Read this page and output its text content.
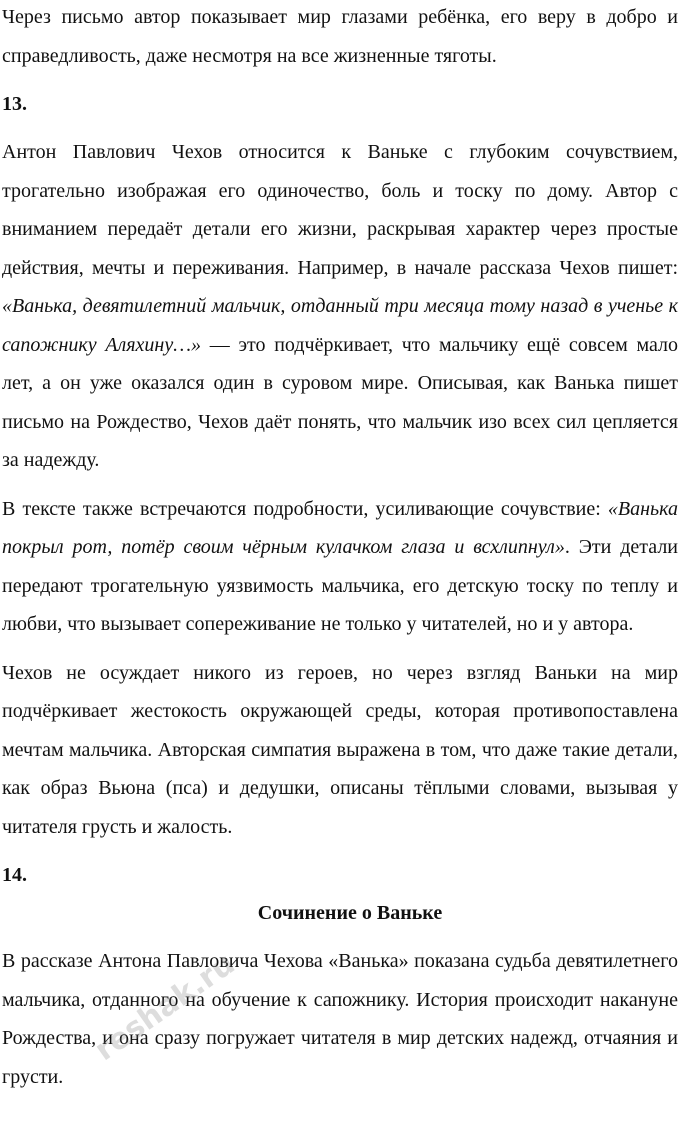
Через письмо автор показывает мир глазами ребёнка, его веру в добро и справедливость, даже несмотря на все жизненные тяготы.

13.

Антон Павлович Чехов относится к Ваньке с глубоким сочувствием, трогательно изображая его одиночество, боль и тоску по дому. Автор с вниманием передаёт детали его жизни, раскрывая характер через простые действия, мечты и переживания. Например, в начале рассказа Чехов пишет: «Ванька, девятилетний мальчик, отданный три месяца тому назад в ученье к сапожнику Аляхину…» — это подчёркивает, что мальчику ещё совсем мало лет, а он уже оказался один в суровом мире. Описывая, как Ванька пишет письмо на Рождество, Чехов даёт понять, что мальчик изо всех сил цепляется за надежду.

В тексте также встречаются подробности, усиливающие сочувствие: «Ванька покрыл рот, потёр своим чёрным кулачком глаза и всхлипнул». Эти детали передают трогательную уязвимость мальчика, его детскую тоску по теплу и любви, что вызывает сопереживание не только у читателей, но и у автора.

Чехов не осуждает никого из героев, но через взгляд Ваньки на мир подчёркивает жестокость окружающей среды, которая противопоставлена мечтам мальчика. Авторская симпатия выражена в том, что даже такие детали, как образ Вьюна (пса) и дедушки, описаны тёплыми словами, вызывая у читателя грусть и жалость.

14.

Сочинение о Ваньке

В рассказе Антона Павловича Чехова «Ванька» показана судьба девятилетнего мальчика, отданного на обучение к сапожнику. История происходит накануне Рождества, и она сразу погружает читателя в мир детских надежд, отчаяния и грусти.

reshak.ru
